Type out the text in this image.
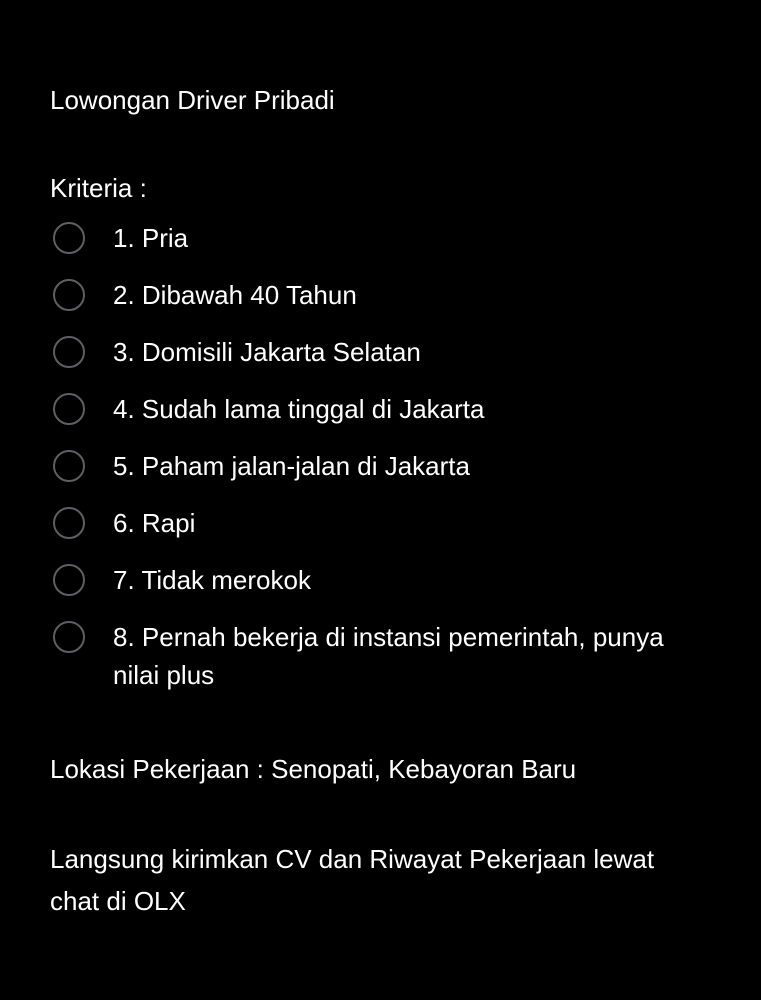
Lowongan Driver Pribadi
Kriteria :
1. Pria
2. Dibawah 40 Tahun
3. Domisili Jakarta Selatan
4. Sudah lama tinggal di Jakarta
5. Paham jalan-jalan di Jakarta
6. Rapi
7. Tidak merokok
8. Pernah bekerja di instansi pemerintah, punya nilai plus
Lokasi Pekerjaan : Senopati, Kebayoran Baru
Langsung kirimkan CV dan Riwayat Pekerjaan lewat chat di OLX
